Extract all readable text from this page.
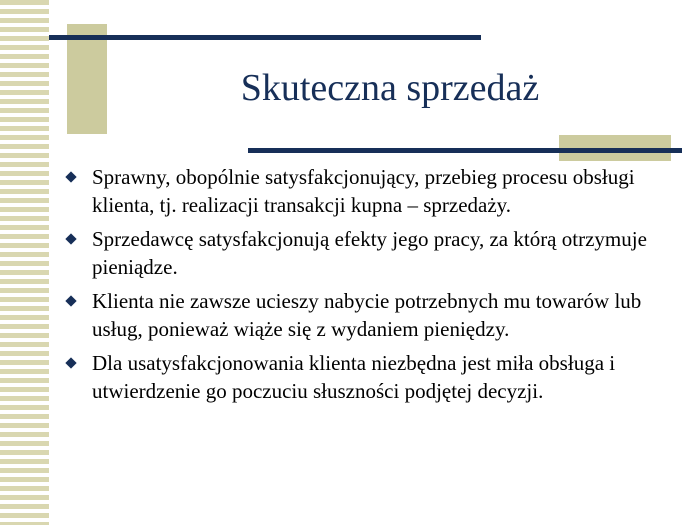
Skuteczna sprzedaż
Sprawny, obopólnie satysfakcjonujący, przebieg procesu obsługi klienta, tj. realizacji transakcji kupna – sprzedaży.
Sprzedawcę satysfakcjonują efekty jego pracy, za którą otrzymuje pieniądze.
Klienta nie zawsze ucieszy nabycie potrzebnych mu towarów lub usług, ponieważ wiąże się z wydaniem pieniędzy.
Dla usatysfakcjonowania klienta niezbędna jest miła obsługa i utwierdzenie go poczuciu słuszności podjętej decyzji.
